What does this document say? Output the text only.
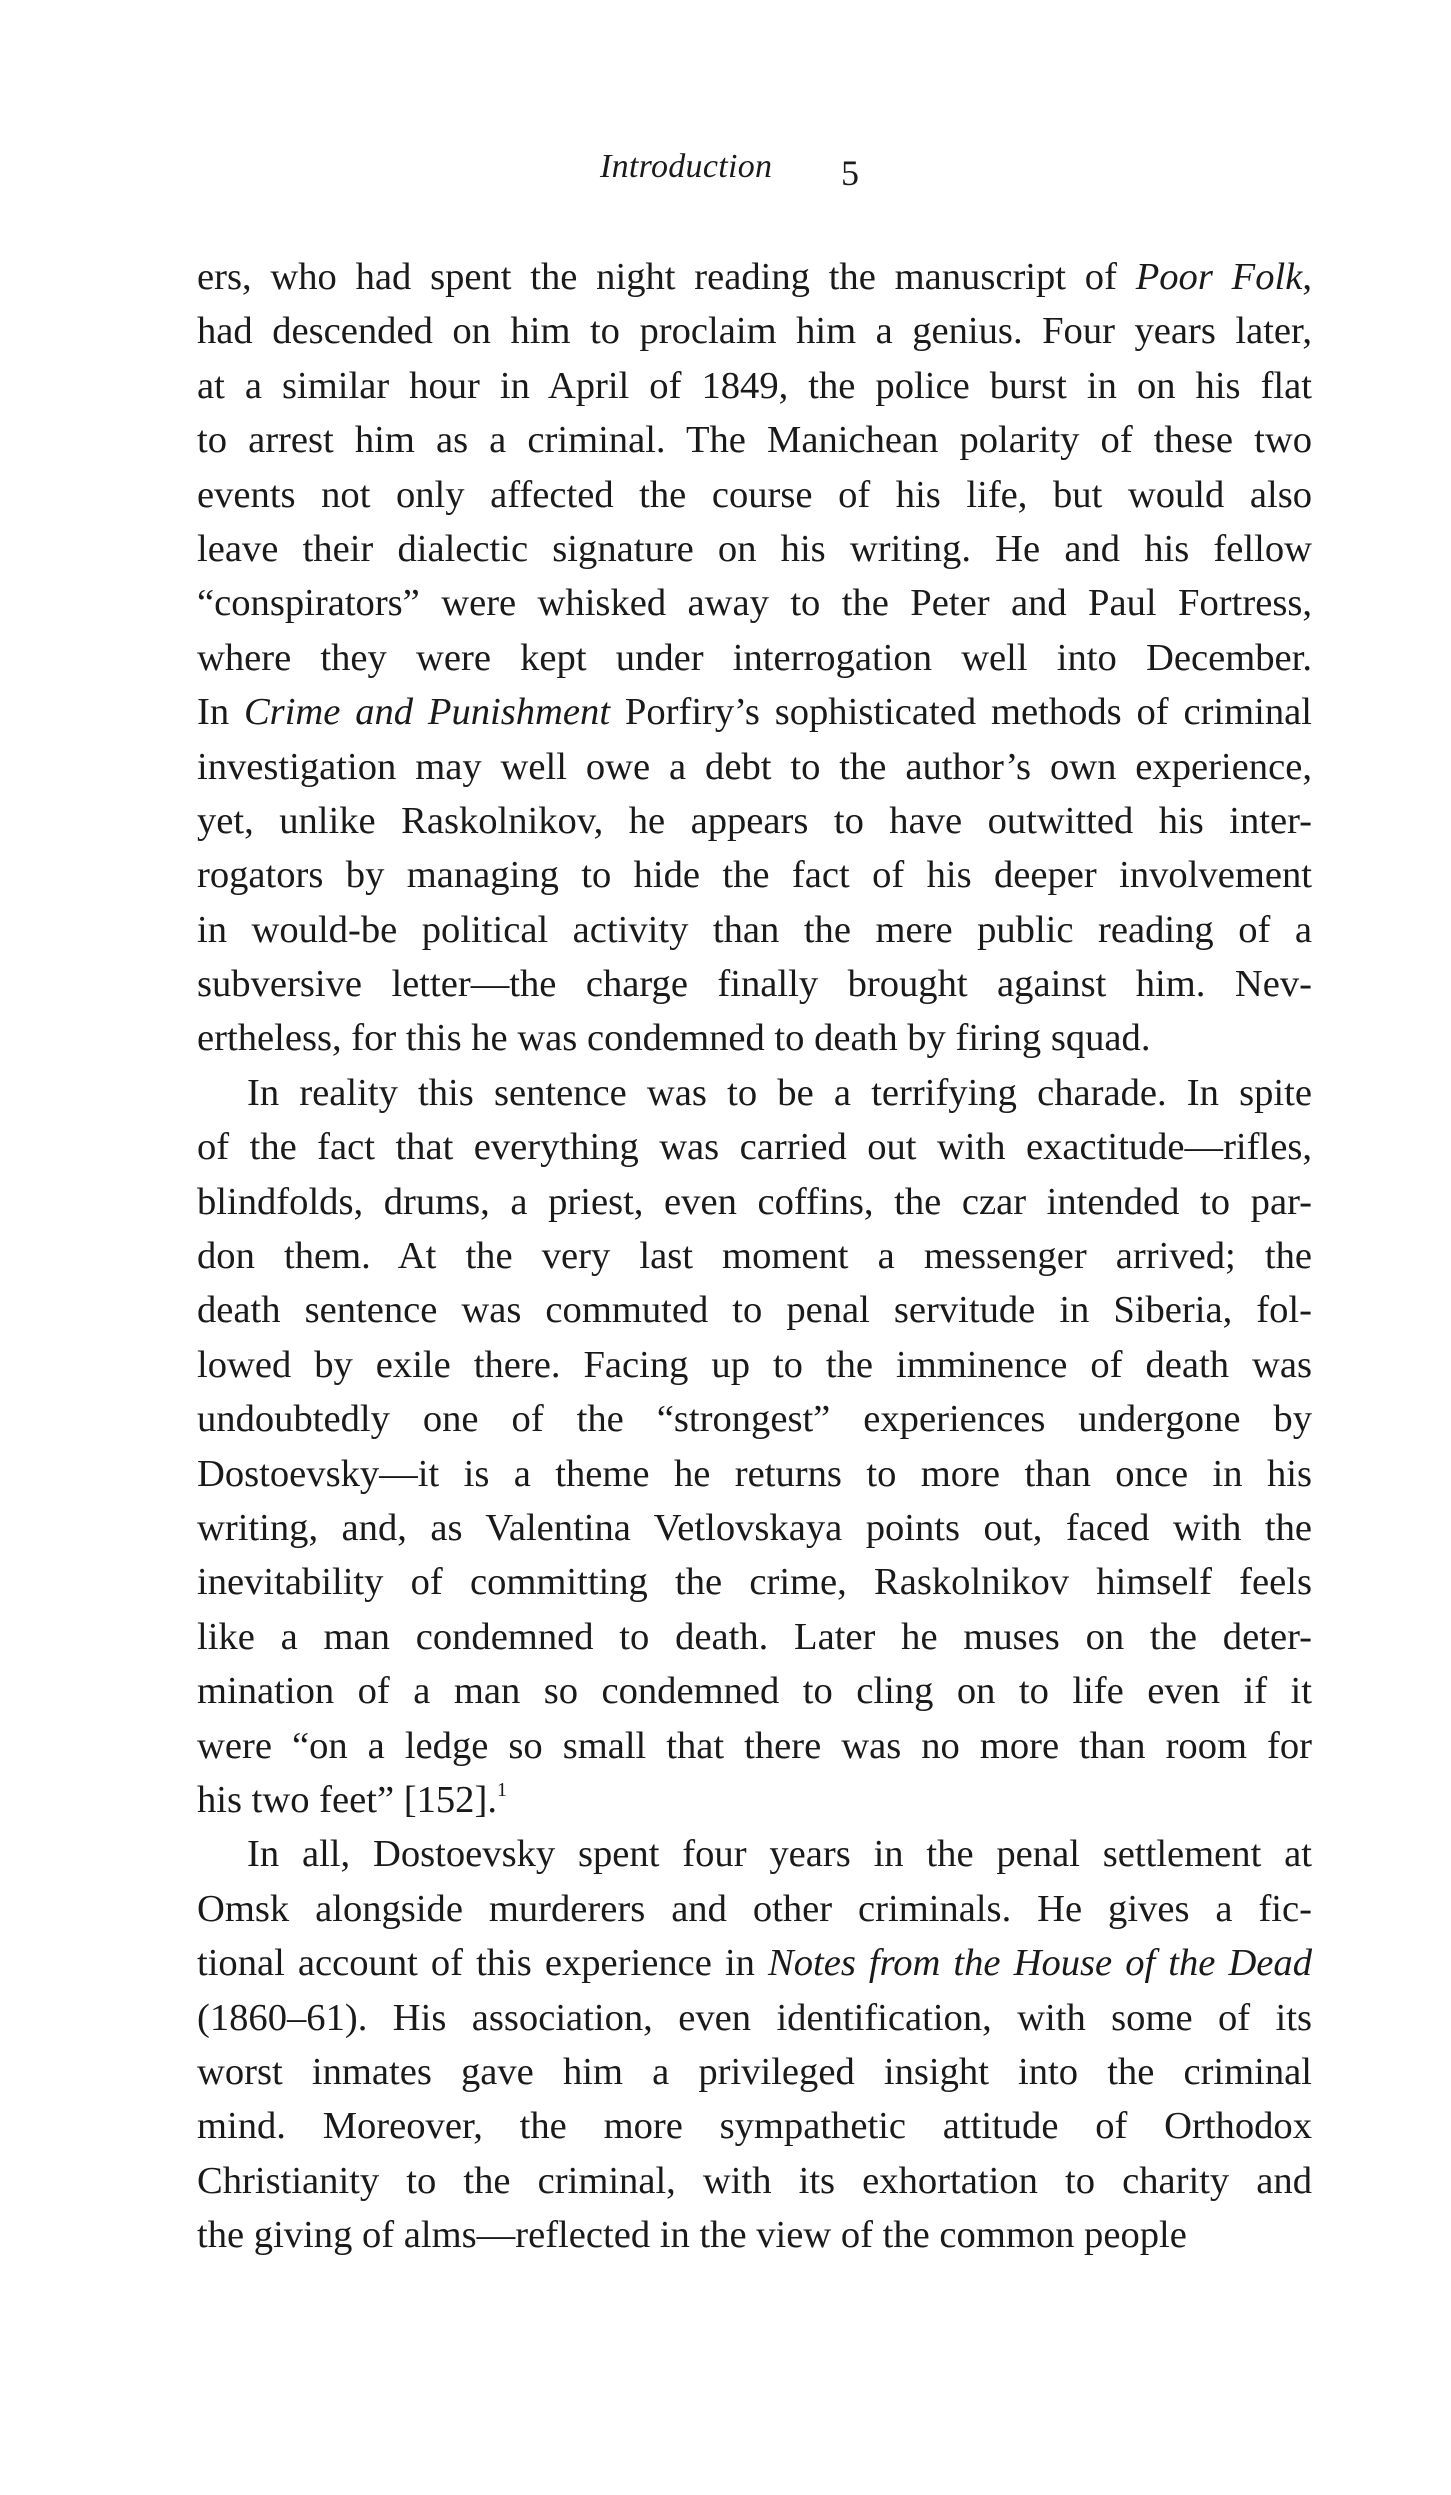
Introduction 5
ers, who had spent the night reading the manuscript of Poor Folk,
had descended on him to proclaim him a genius. Four years later,
at a similar hour in April of 1849, the police burst in on his flat
to arrest him as a criminal. The Manichean polarity of these two
events not only affected the course of his life, but would also
leave their dialectic signature on his writing. He and his fellow
“conspirators” were whisked away to the Peter and Paul Fortress,
where they were kept under interrogation well into December.
In Crime and Punishment Porfiry’s sophisticated methods of criminal
investigation may well owe a debt to the author’s own experience,
yet, unlike Raskolnikov, he appears to have outwitted his inter-
rogators by managing to hide the fact of his deeper involvement
in would-be political activity than the mere public reading of a
subversive letter—the charge finally brought against him. Nev-
ertheless, for this he was condemned to death by firing squad.
In reality this sentence was to be a terrifying charade. In spite
of the fact that everything was carried out with exactitude—rifles,
blindfolds, drums, a priest, even coffins, the czar intended to par-
don them. At the very last moment a messenger arrived; the
death sentence was commuted to penal servitude in Siberia, fol-
lowed by exile there. Facing up to the imminence of death was
undoubtedly one of the “strongest” experiences undergone by
Dostoevsky—it is a theme he returns to more than once in his
writing, and, as Valentina Vetlovskaya points out, faced with the
inevitability of committing the crime, Raskolnikov himself feels
like a man condemned to death. Later he muses on the deter-
mination of a man so condemned to cling on to life even if it
were “on a ledge so small that there was no more than room for
his two feet” [152].$^1$
In all, Dostoevsky spent four years in the penal settlement at
Omsk alongside murderers and other criminals. He gives a fic-
tional account of this experience in Notes from the House of the Dead
(1860–61). His association, even identification, with some of its
worst inmates gave him a privileged insight into the criminal
mind. Moreover, the more sympathetic attitude of Orthodox
Christianity to the criminal, with its exhortation to charity and
the giving of alms—reflected in the view of the common people
